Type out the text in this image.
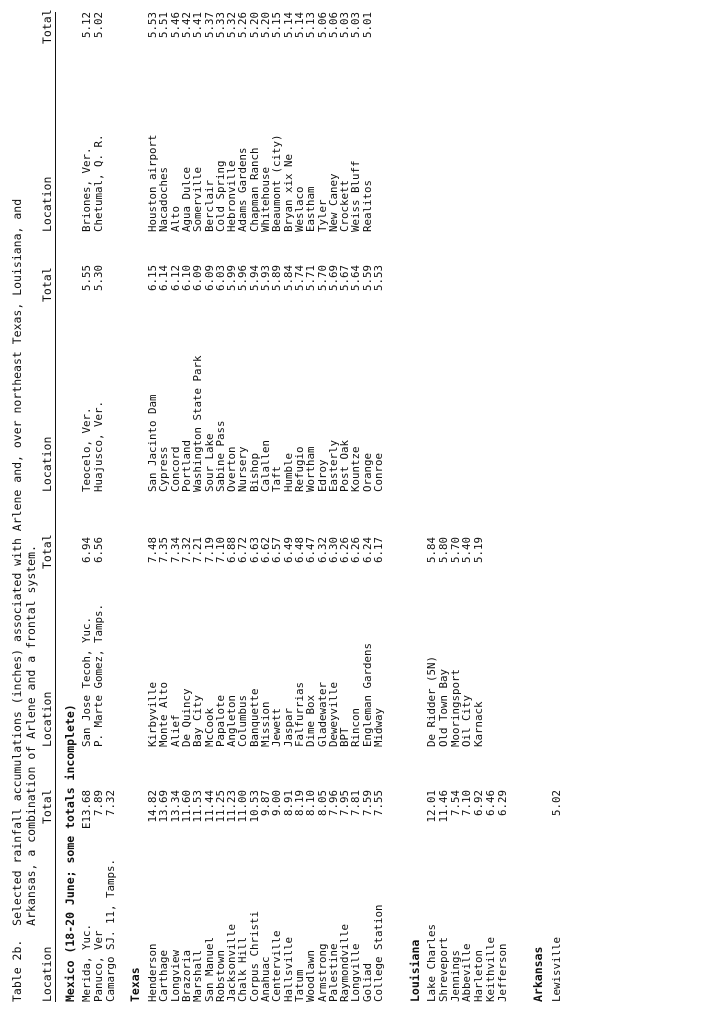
Table 2b.  Selected rainfall accumulations (inches) associated with Arlene and, over northeast Texas, Louisiana, and
Arkansas, a combination of Arlene and a frontal system. Location
Total
Location
Total
Location
Total
Location
Total
Mexico (18-20 June; some totals incomplete) Merida, Yuc.
E13.68
San Jose Tecoh, Yuc.
6.94
Teocelo, Ver.
5.55
Briones, Ver.
5.12
Panuco, Ver
7.89
P. Marte Gomez, Tamps.
6.56
Huajusco, Ver.
5.30
Chetumal, Q. R.
5.02
Camargo SJ. 11, Tamps.
7.32
Texas Henderson
14.82
Kirbyville
7.48
San Jacinto Dam
6.15
Houston airport
5.53
Carthage
13.69
Monte Alto
7.35
Cypress
6.14
Nacadoches
5.51
Longview
13.34
Alief
7.34
Concord
6.12
Alto
5.46
Brazoria
11.60
De Quincy
7.32
Portland
6.10
Agua Dulce
5.42
Marshall
11.53
Bay City
7.21
Washington State Park
6.09
Somerville
5.41
San Manuel
11.44
McCook
7.19
Sour Lake
6.09
Berclair
5.37
Robstown
11.25
Papalote
7.10
Sabine Pass
6.03
Cold Spring
5.33
Jacksonville
11.23
Angleton
6.88
Overton
5.99
Hebronville
5.32
Chalk Hill
11.00
Columbus
6.72
Nursery
5.96
Adams Gardens
5.26
Corpus Christi
10.53
Banquette
6.63
Bishop
5.94
Chapman Ranch
5.20
Anahuac
9.87
Mission
6.62
Calallen
5.93
Whitehouse
5.20
Centerville
9.00
Jewett
6.57
Taft
5.89
Beaumont (city)
5.15
Hallsville
8.91
Jaspar
6.49
Humble
5.84
Bryan xix Ne
5.14
Tatum
8.19
Falfurrias
6.48
Refugio
5.74
Weslaco
5.14
Woodlawn
8.10
Dime Box
6.47
Wortham
5.71
Eastham
5.13
Armstrong
8.05
Gladewater
6.32
Edroy
5.70
Tyler
5.06
Palestine
7.96
Deweyville
6.30
Easterly
5.69
New Caney
5.06
Raymondville
7.95
BPT
6.26
Post Oak
5.67
Crockett
5.03
Longville
7.81
Rincon
6.26
Kountze
5.64
Weiss Bluff
5.03
Goliad
7.59
Engleman Gardens
6.24
Orange
5.59
Realitos
5.01
College Station
7.55
Midway
6.17
Conroe
5.53
Louisiana Lake Charles
12.01
De Ridder (5N)
5.84
Shreveport
11.46
Old Town Bay
5.80
Jennings
7.54
Mooringsport
5.70
Abbeville
7.10
Oil City
5.40
Harleton
6.92
Karnack
5.19
Keithville
6.46
Jefferson
6.29
Arkansas Lewisville
5.02
